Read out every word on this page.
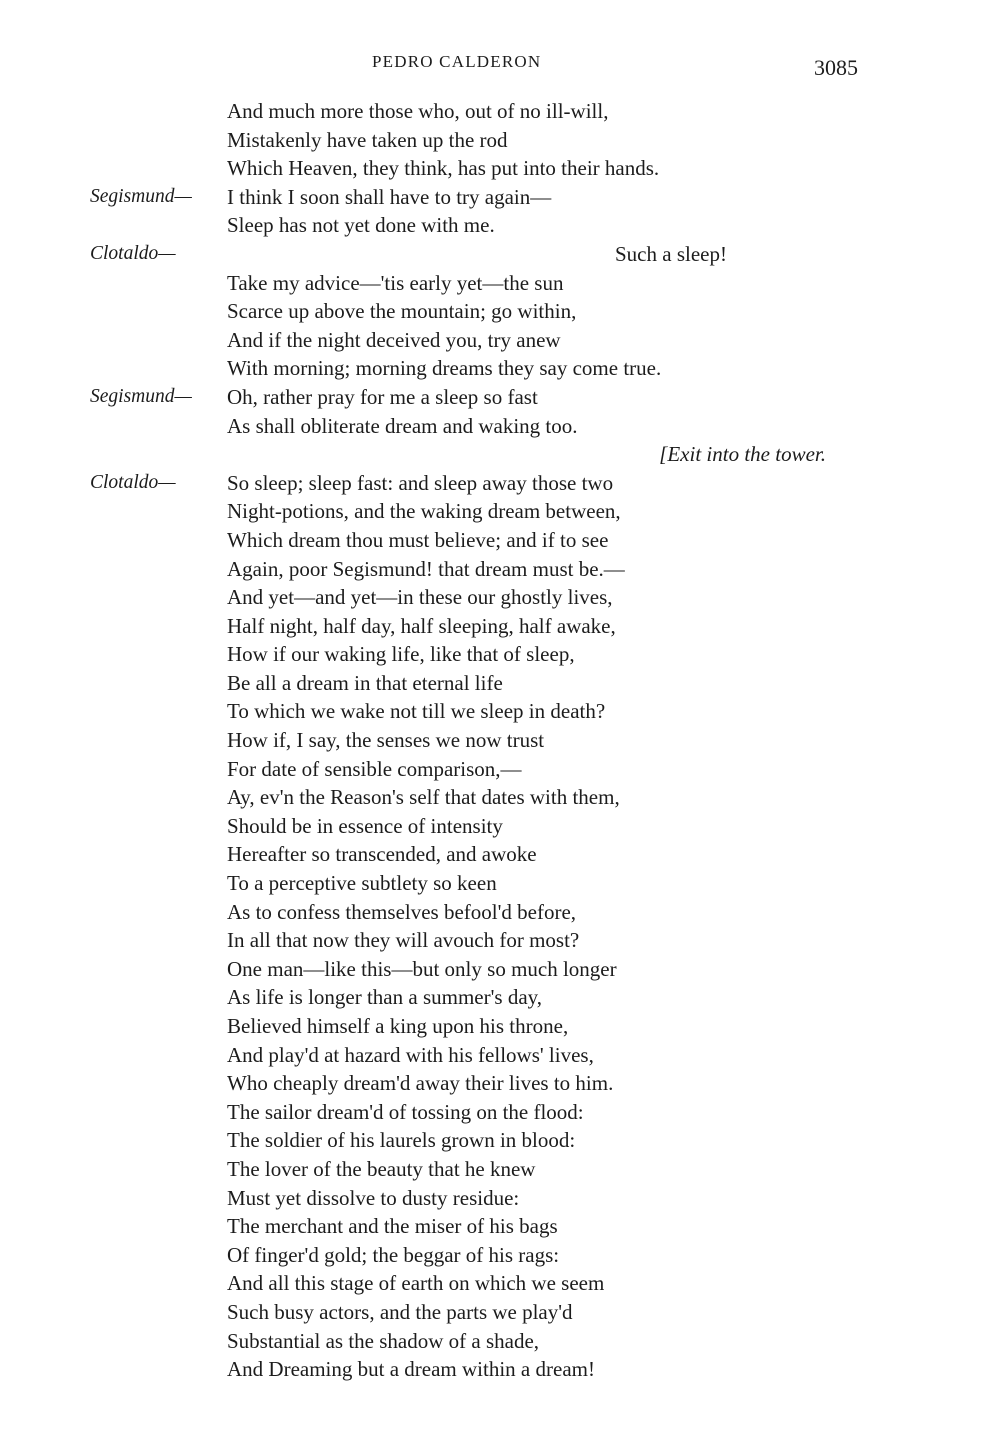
PEDRO CALDERON	3085
And much more those who, out of no ill-will,
Mistakenly have taken up the rod
Which Heaven, they think, has put into their hands.
Segismund— I think I soon shall have to try again—
Sleep has not yet done with me.
Clotaldo—	Such a sleep!
Take my advice—'tis early yet—the sun
Scarce up above the mountain; go within,
And if the night deceived you, try anew
With morning; morning dreams they say come true.
Segismund— Oh, rather pray for me a sleep so fast
As shall obliterate dream and waking too.
[Exit into the tower.
Clotaldo— So sleep; sleep fast: and sleep away those two
Night-potions, and the waking dream between,
Which dream thou must believe; and if to see
Again, poor Segismund! that dream must be.—
And yet—and yet—in these our ghostly lives,
Half night, half day, half sleeping, half awake,
How if our waking life, like that of sleep,
Be all a dream in that eternal life
To which we wake not till we sleep in death?
How if, I say, the senses we now trust
For date of sensible comparison,—
Ay, ev'n the Reason's self that dates with them,
Should be in essence of intensity
Hereafter so transcended, and awoke
To a perceptive subtlety so keen
As to confess themselves befool'd before,
In all that now they will avouch for most?
One man—like this—but only so much longer
As life is longer than a summer's day,
Believed himself a king upon his throne,
And play'd at hazard with his fellows' lives,
Who cheaply dream'd away their lives to him.
The sailor dream'd of tossing on the flood:
The soldier of his laurels grown in blood:
The lover of the beauty that he knew
Must yet dissolve to dusty residue:
The merchant and the miser of his bags
Of finger'd gold; the beggar of his rags:
And all this stage of earth on which we seem
Such busy actors, and the parts we play'd
Substantial as the shadow of a shade,
And Dreaming but a dream within a dream!
